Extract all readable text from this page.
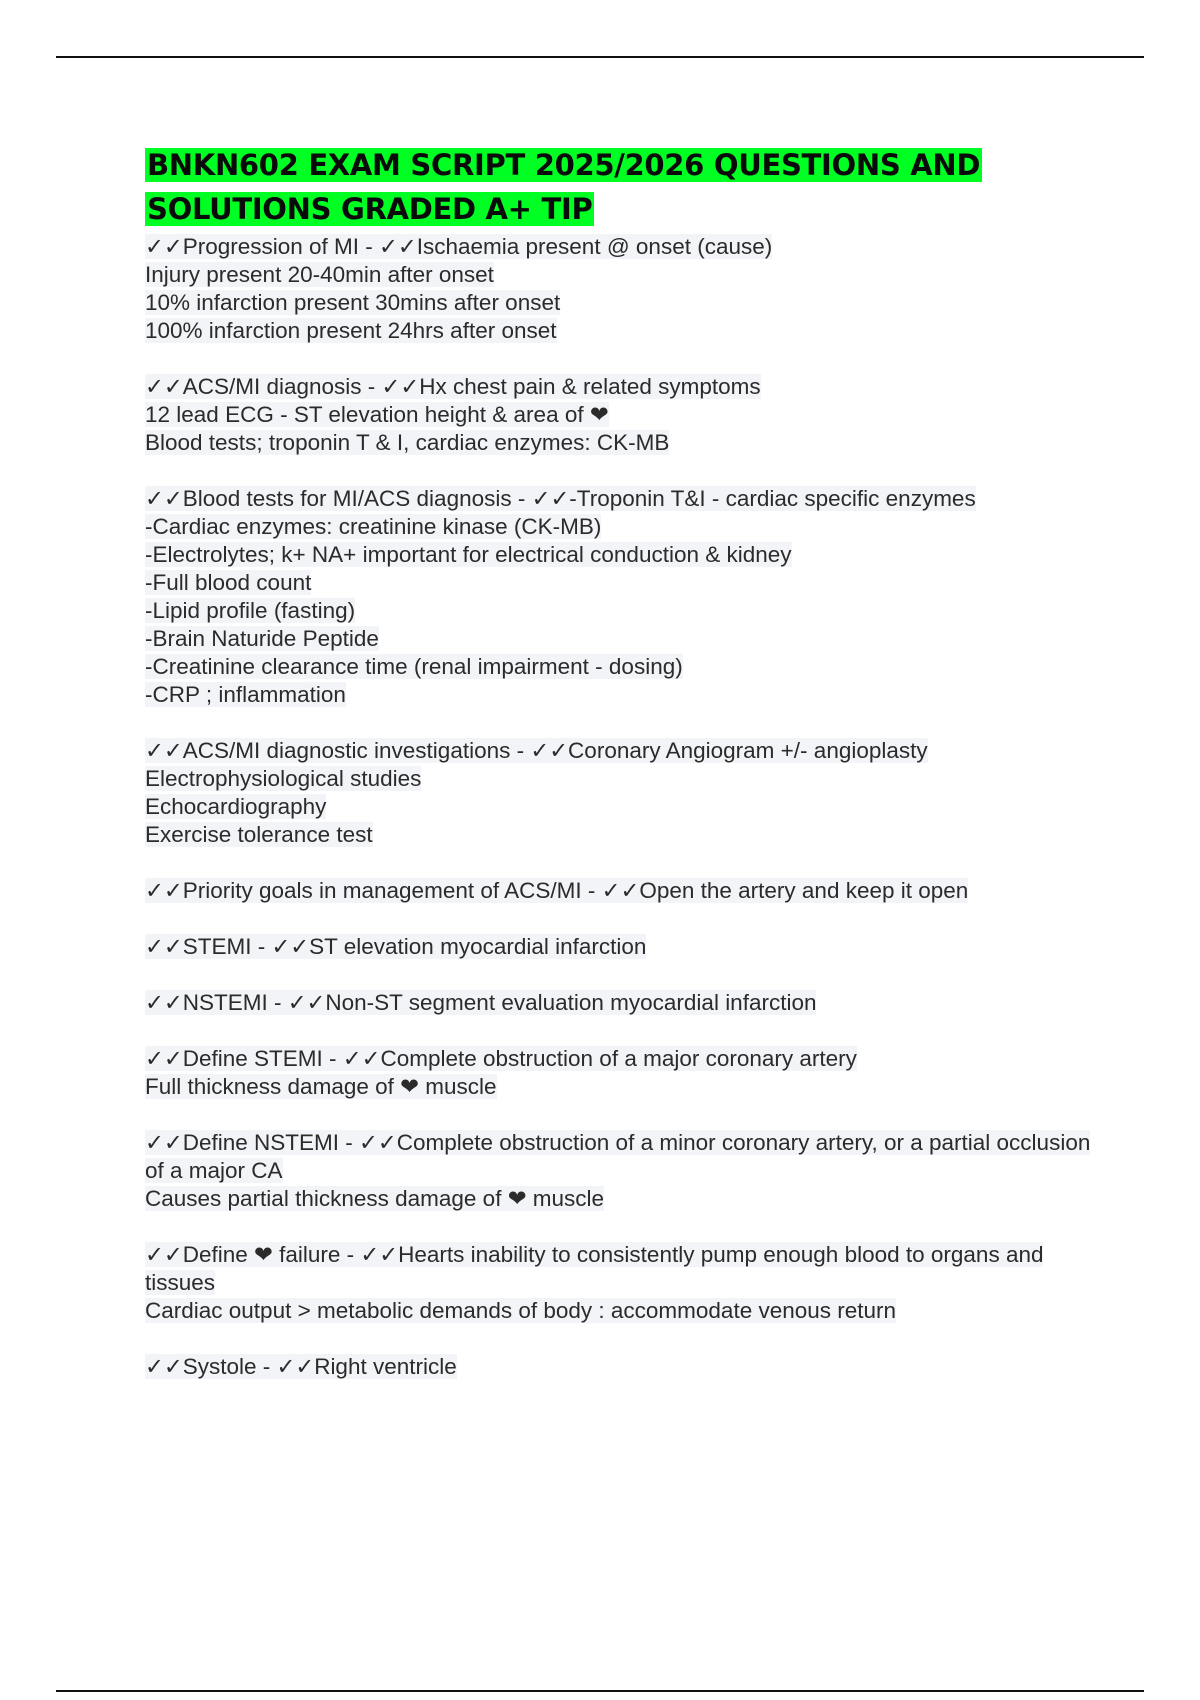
BNKN602 EXAM SCRIPT 2025/2026 QUESTIONS AND SOLUTIONS GRADED A+ TIP
✓✓Progression of MI - ✓✓Ischaemia present @ onset (cause)
Injury present 20-40min after onset
10% infarction present 30mins after onset
100% infarction present 24hrs after onset
✓✓ACS/MI diagnosis - ✓✓Hx chest pain & related symptoms
12 lead ECG - ST elevation height & area of ❤
Blood tests; troponin T & I, cardiac enzymes: CK-MB
✓✓Blood tests for MI/ACS diagnosis - ✓✓-Troponin T&I - cardiac specific enzymes
-Cardiac enzymes: creatinine kinase (CK-MB)
-Electrolytes; k+ NA+ important for electrical conduction & kidney
-Full blood count
-Lipid profile (fasting)
-Brain Naturide Peptide
-Creatinine clearance time (renal impairment - dosing)
-CRP ; inflammation
✓✓ACS/MI diagnostic investigations - ✓✓Coronary Angiogram +/- angioplasty
Electrophysiological studies
Echocardiography
Exercise tolerance test
✓✓Priority goals in management of ACS/MI - ✓✓Open the artery and keep it open
✓✓STEMI - ✓✓ST elevation myocardial infarction
✓✓NSTEMI - ✓✓Non-ST segment evaluation myocardial infarction
✓✓Define STEMI - ✓✓Complete obstruction of a major coronary artery
Full thickness damage of ❤ muscle
✓✓Define NSTEMI - ✓✓Complete obstruction of a minor coronary artery, or a partial occlusion of a major CA
Causes partial thickness damage of ❤ muscle
✓✓Define ❤ failure - ✓✓Hearts inability to consistently pump enough blood to organs and tissues
Cardiac output > metabolic demands of body : accommodate venous return
✓✓Systole - ✓✓Right ventricle
